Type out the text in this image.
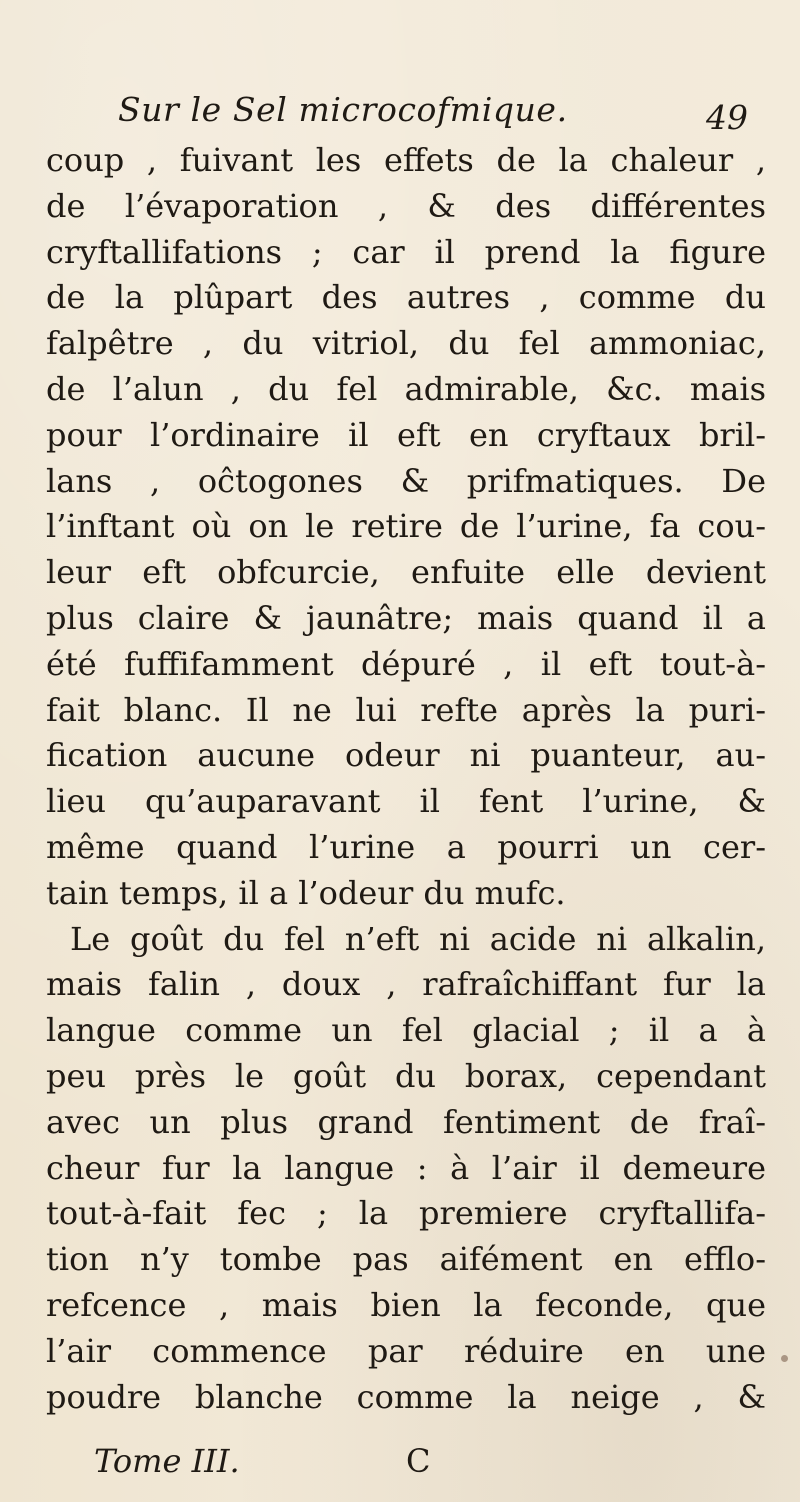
Sur le Sel microcofmique.	49
coup , fuivant les effets de la chaleur ,
de l’évaporation , & des différentes
cryftallifations ; car il prend la figure
de la plûpart des autres , comme du
falpêtre , du vitriol, du fel ammoniac,
de l’alun , du fel admirable, &c. mais
pour l’ordinaire il eft en cryftaux bril-
lans , oĉtogones & prifmatiques. De
l’inftant où on le retire de l’urine, fa cou-
leur eft obfcurcie, enfuite elle devient
plus claire & jaunâtre; mais quand il a
été fuffifamment dépuré , il eft tout-à-
fait blanc. Il ne lui refte après la puri-
fication aucune odeur ni puanteur, au-
lieu qu’auparavant il fent l’urine, &
même quand l’urine a pourri un cer-
tain temps, il a l’odeur du mufc.
Le goût du fel n’eft ni acide ni alkalin,
mais falin , doux , rafraîchiffant fur la
langue comme un fel glacial ; il a à
peu près le goût du borax, cependant
avec un plus grand fentiment de fraî-
cheur fur la langue : à l’air il demeure
tout-à-fait fec ; la premiere cryftallifa-
tion n’y tombe pas aifément en efflo-
refcence , mais bien la feconde, que
l’air commence par réduire en une
poudre blanche comme la neige , &
Tome III.	C
